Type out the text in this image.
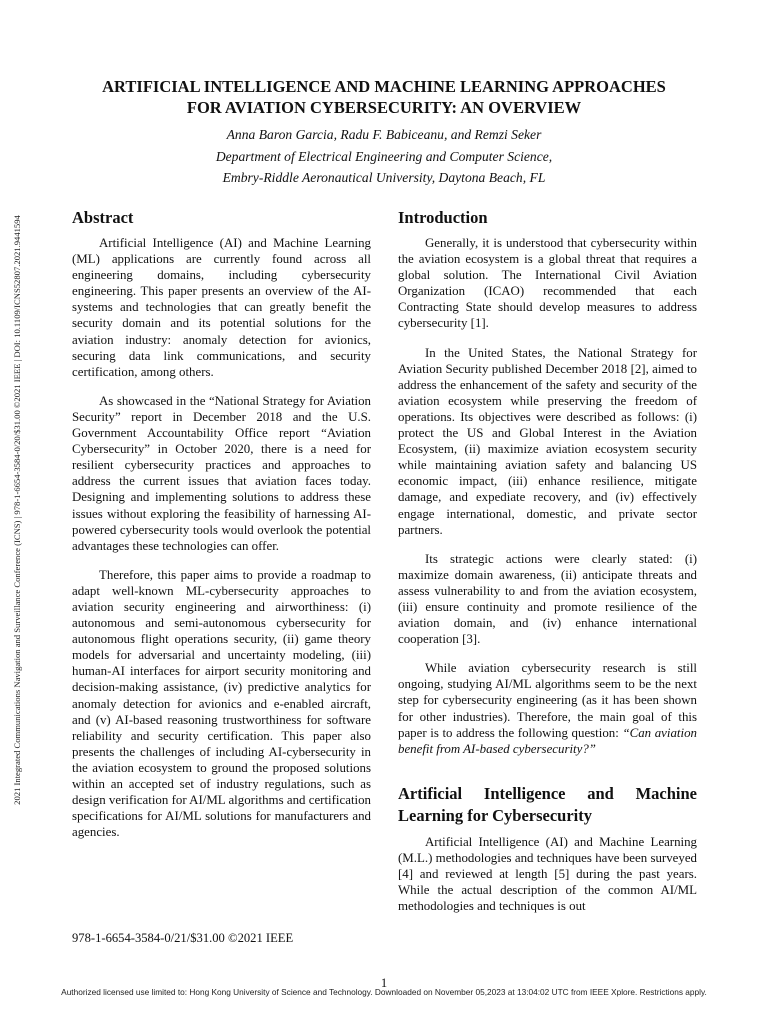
2021 Integrated Communications Navigation and Surveillance Conference (ICNS) | 978-1-6654-3584-0/20/$31.00 ©2021 IEEE | DOI: 10.1109/ICNS52807.2021.9441594
ARTIFICIAL INTELLIGENCE AND MACHINE LEARNING APPROACHES
FOR AVIATION CYBERSECURITY: AN OVERVIEW
Anna Baron Garcia, Radu F. Babiceanu, and Remzi Seker
Department of Electrical Engineering and Computer Science,
Embry-Riddle Aeronautical University, Daytona Beach, FL
Abstract

Artificial Intelligence (AI) and Machine Learning (ML) applications are currently found across all engineering domains, including cybersecurity engineering. This paper presents an overview of the AI-systems and technologies that can greatly benefit the security domain and its potential solutions for the aviation industry: anomaly detection for avionics, securing data link communications, and security certification, among others.

As showcased in the “National Strategy for Aviation Security” report in December 2018 and the U.S. Government Accountability Office report “Aviation Cybersecurity” in October 2020, there is a need for resilient cybersecurity practices and approaches to address the current issues that aviation faces today. Designing and implementing solutions to address these issues without exploring the feasibility of harnessing AI-powered cybersecurity tools would overlook the potential advantages these technologies can offer.

Therefore, this paper aims to provide a roadmap to adapt well-known ML-cybersecurity approaches to aviation security engineering and airworthiness: (i) autonomous and semi-autonomous cybersecurity for autonomous flight operations security, (ii) game theory models for adversarial and uncertainty modeling, (iii) human-AI interfaces for airport security monitoring and decision-making assistance, (iv) predictive analytics for anomaly detection for avionics and e-enabled aircraft, and (v) AI-based reasoning trustworthiness for software reliability and security certification. This paper also presents the challenges of including AI-cybersecurity in the aviation ecosystem to ground the proposed solutions within an accepted set of industry regulations, such as design verification for AI/ML algorithms and certification specifications for AI/ML solutions for manufacturers and agencies.

Introduction

Generally, it is understood that cybersecurity within the aviation ecosystem is a global threat that requires a global solution. The International Civil Aviation Organization (ICAO) recommended that each Contracting State should develop measures to address cybersecurity [1].

In the United States, the National Strategy for Aviation Security published December 2018 [2], aimed to address the enhancement of the safety and security of the aviation ecosystem while preserving the freedom of operations. Its objectives were described as follows: (i) protect the US and Global Interest in the Aviation Ecosystem, (ii) maximize aviation ecosystem security while maintaining aviation safety and balancing US economic impact, (iii) enhance resilience, mitigate damage, and expediate recovery, and (iv) effectively engage international, domestic, and private sector partners.

Its strategic actions were clearly stated: (i) maximize domain awareness, (ii) anticipate threats and assess vulnerability to and from the aviation ecosystem, (iii) ensure continuity and promote resilience of the aviation domain, and (iv) enhance international cooperation [3].

While aviation cybersecurity research is still ongoing, studying AI/ML algorithms seem to be the next step for cybersecurity engineering (as it has been shown for other industries). Therefore, the main goal of this paper is to address the following question: “Can aviation benefit from AI-based cybersecurity?”

Artificial Intelligence and Machine Learning for Cybersecurity

Artificial Intelligence (AI) and Machine Learning (M.L.) methodologies and techniques have been surveyed [4] and reviewed at length [5] during the past years. While the actual description of the common AI/ML methodologies and techniques is out

978-1-6654-3584-0/21/$31.00 ©2021 IEEE
1
Authorized licensed use limited to: Hong Kong University of Science and Technology. Downloaded on November 05,2023 at 13:04:02 UTC from IEEE Xplore. Restrictions apply.
